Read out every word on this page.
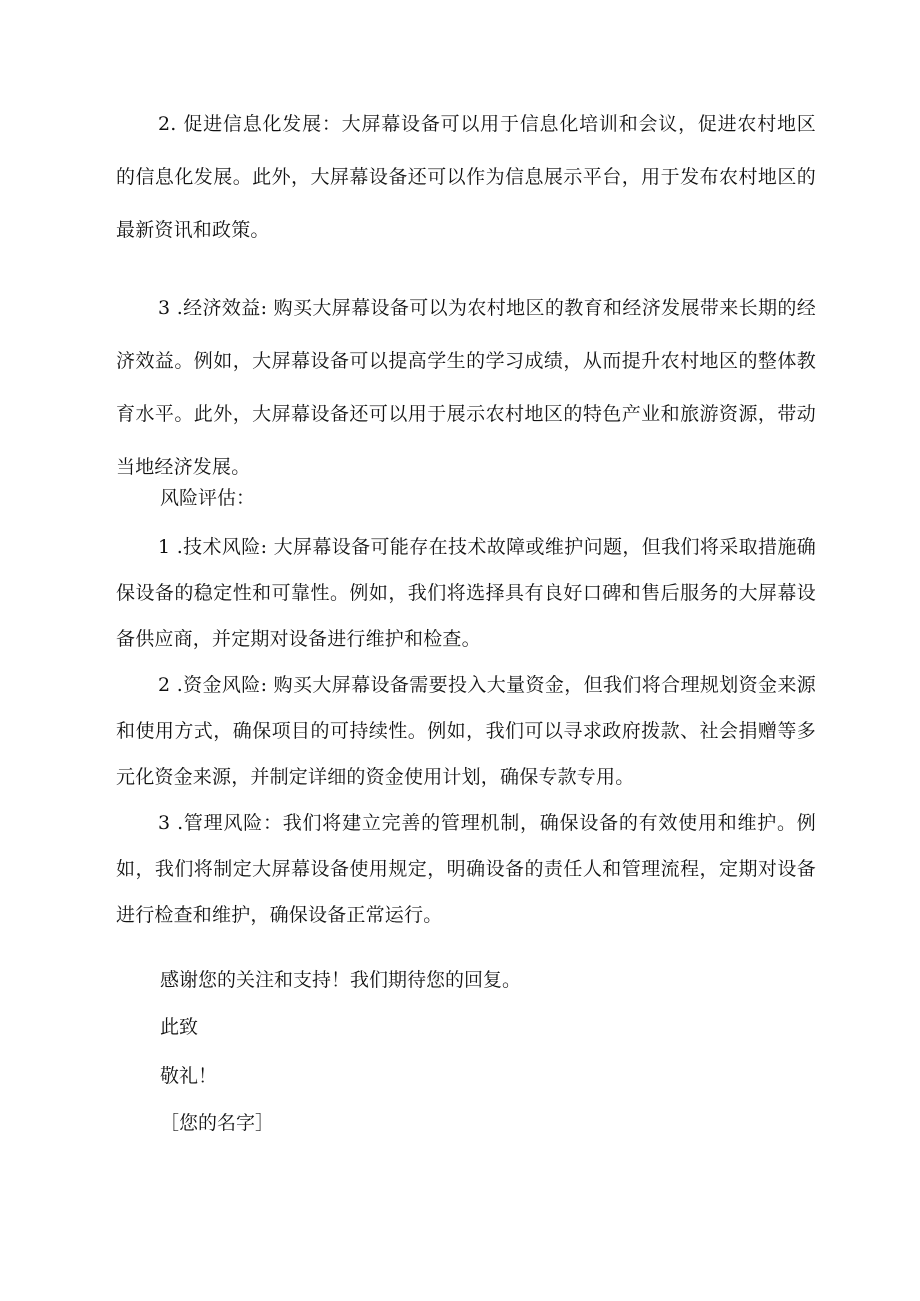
2. 促进信息化发展：大屏幕设备可以用于信息化培训和会议，促进农村地区的信息化发展。此外，大屏幕设备还可以作为信息展示平台，用于发布农村地区的最新资讯和政策。

3 .经济效益: 购买大屏幕设备可以为农村地区的教育和经济发展带来长期的经济效益。例如，大屏幕设备可以提高学生的学习成绩，从而提升农村地区的整体教育水平。此外，大屏幕设备还可以用于展示农村地区的特色产业和旅游资源，带动当地经济发展。

风险评估：

1 .技术风险: 大屏幕设备可能存在技术故障或维护问题，但我们将采取措施确保设备的稳定性和可靠性。例如，我们将选择具有良好口碑和售后服务的大屏幕设备供应商，并定期对设备进行维护和检查。

2 .资金风险: 购买大屏幕设备需要投入大量资金，但我们将合理规划资金来源和使用方式，确保项目的可持续性。例如，我们可以寻求政府拨款、社会捐赠等多元化资金来源，并制定详细的资金使用计划，确保专款专用。

3 .管理风险：我们将建立完善的管理机制，确保设备的有效使用和维护。例如，我们将制定大屏幕设备使用规定，明确设备的责任人和管理流程，定期对设备进行检查和维护，确保设备正常运行。

感谢您的关注和支持！我们期待您的回复。

此致

敬礼！

［您的名字］
